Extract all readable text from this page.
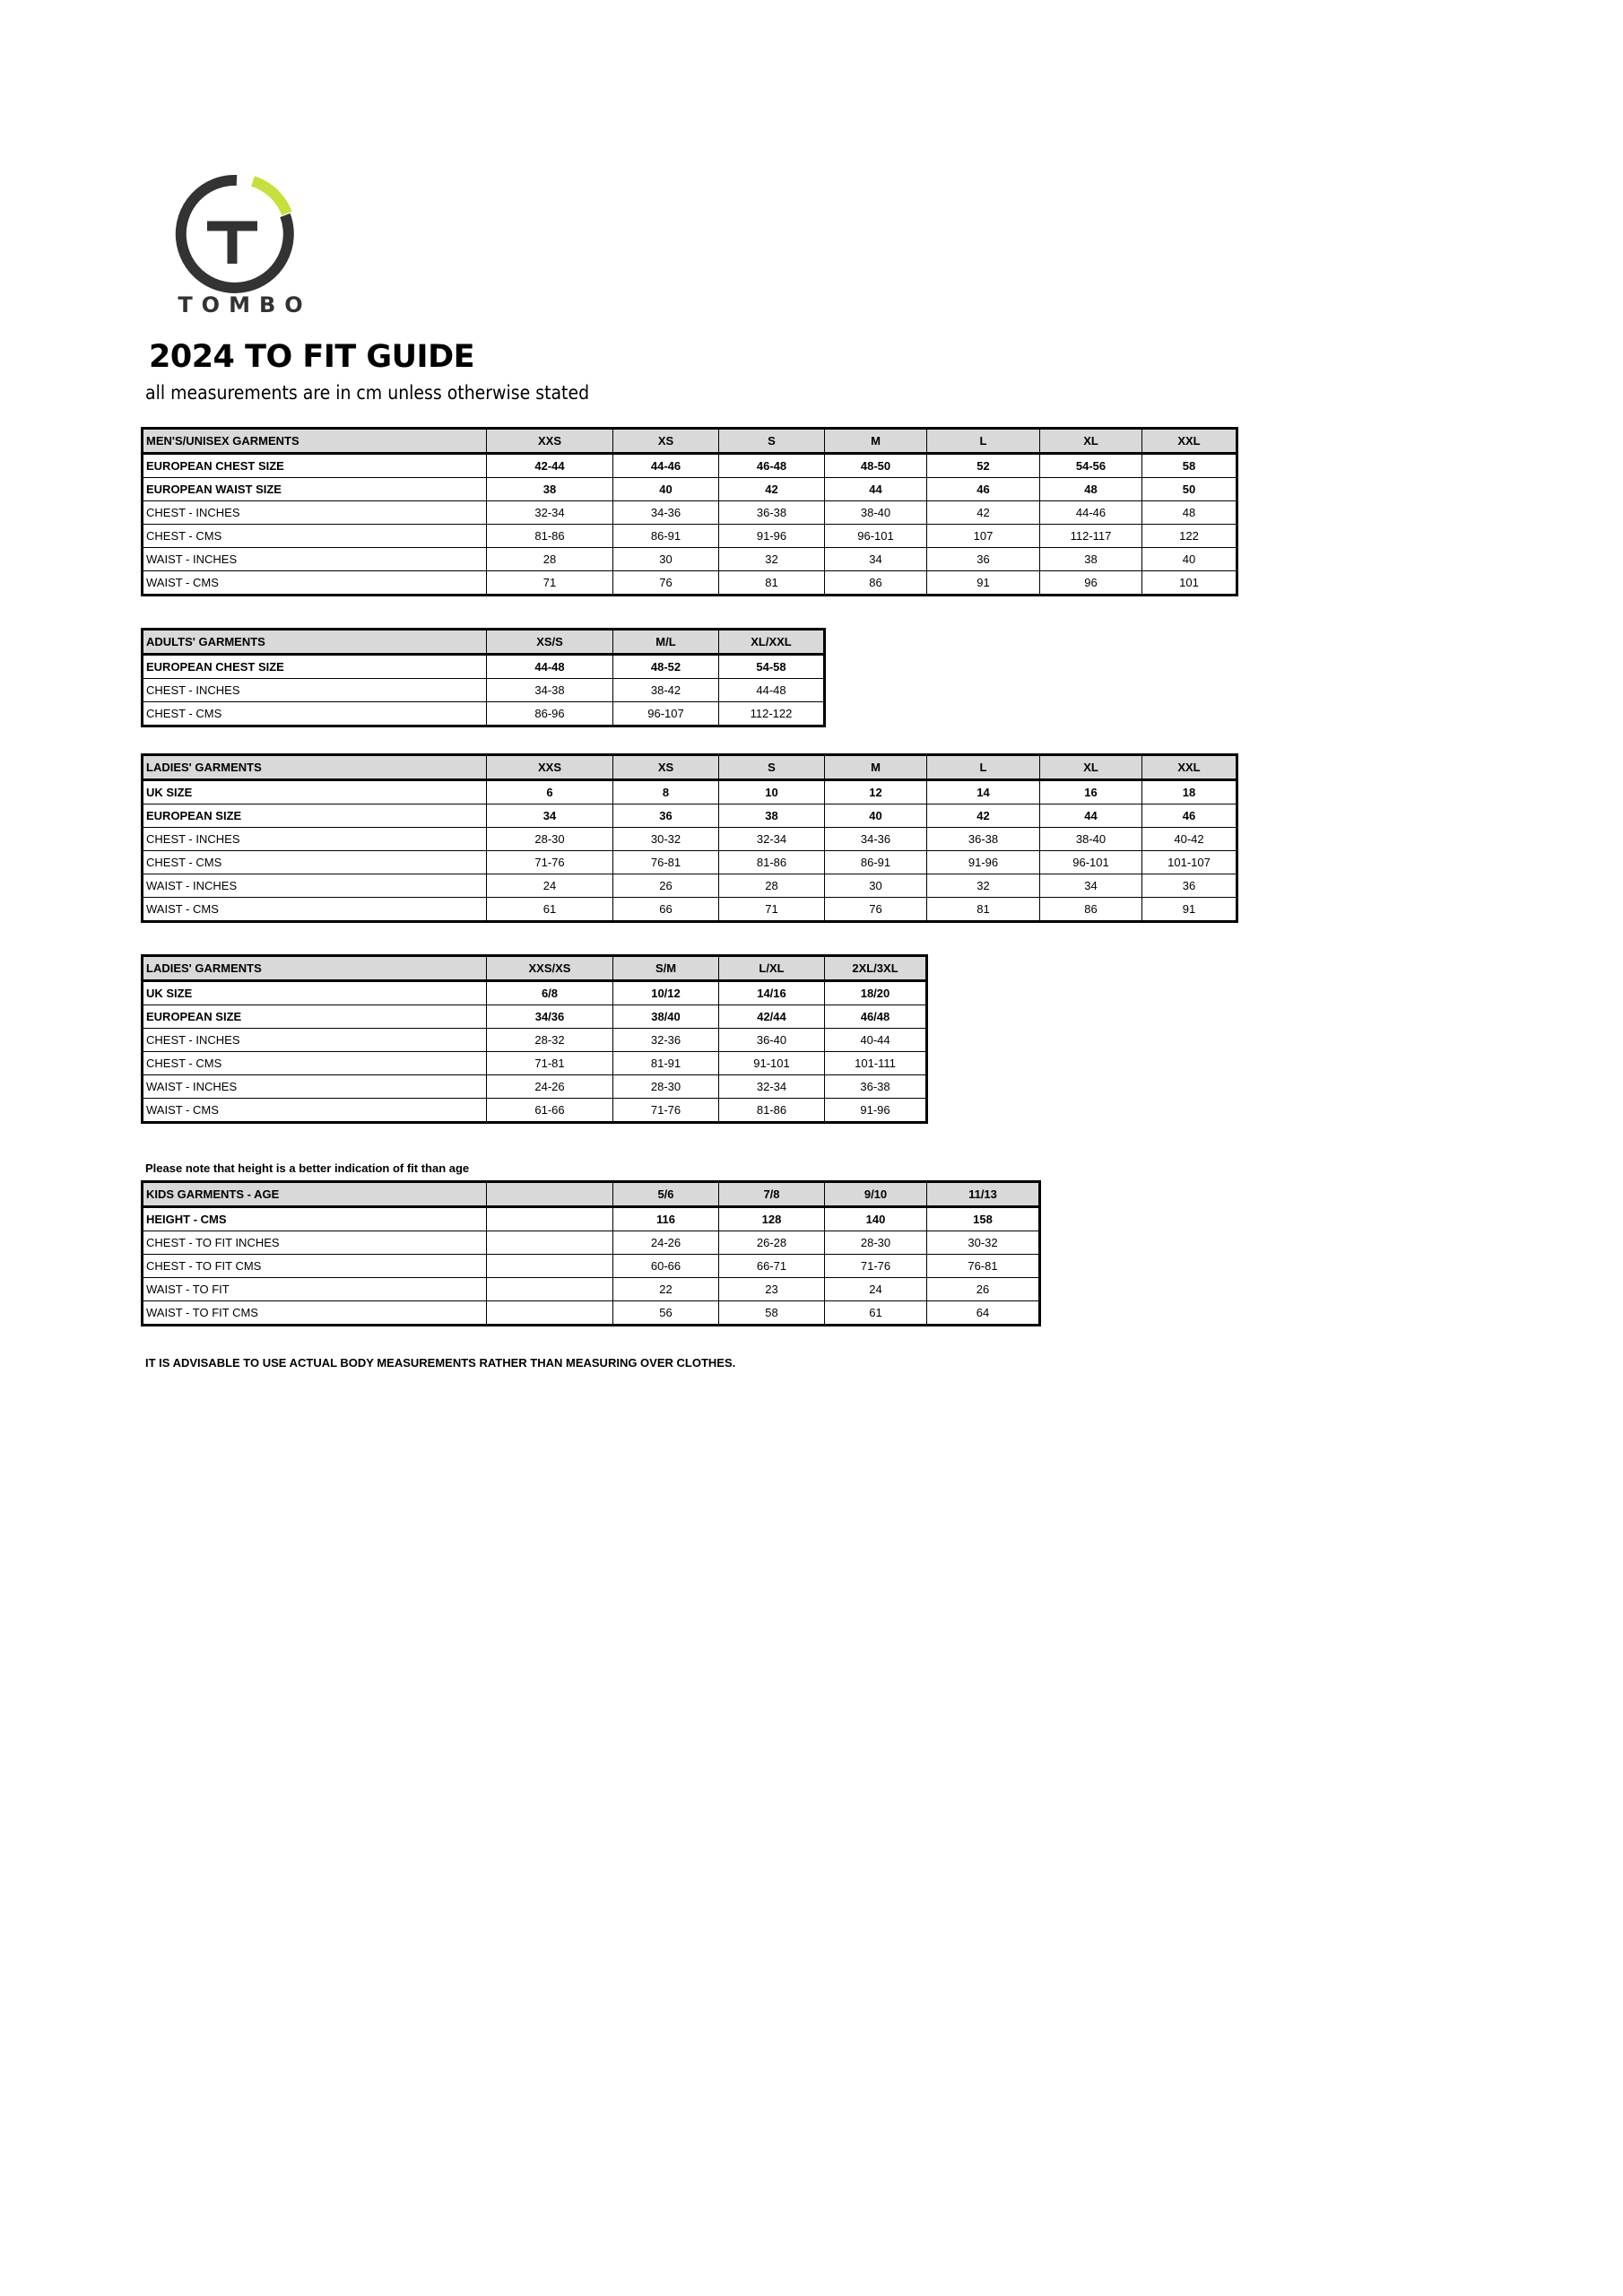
TOMBO
2024 TO FIT GUIDE

all measurements are in cm unless otherwise stated

MEN'S/UNISEX GARMENTS	XXS	XS	S	M	L	XL	XXL
EUROPEAN CHEST SIZE	42-44	44-46	46-48	48-50	52	54-56	58
EUROPEAN WAIST SIZE	38	40	42	44	46	48	50
CHEST - INCHES	32-34	34-36	36-38	38-40	42	44-46	48
CHEST - CMS	81-86	86-91	91-96	96-101	107	112-117	122
WAIST - INCHES	28	30	32	34	36	38	40
WAIST - CMS	71	76	81	86	91	96	101
ADULTS' GARMENTS	XS/S	M/L	XL/XXL
EUROPEAN CHEST SIZE	44-48	48-52	54-58
CHEST - INCHES	34-38	38-42	44-48
CHEST - CMS	86-96	96-107	112-122
LADIES' GARMENTS	XXS	XS	S	M	L	XL	XXL
UK SIZE	6	8	10	12	14	16	18
EUROPEAN SIZE	34	36	38	40	42	44	46
CHEST - INCHES	28-30	30-32	32-34	34-36	36-38	38-40	40-42
CHEST - CMS	71-76	76-81	81-86	86-91	91-96	96-101	101-107
WAIST - INCHES	24	26	28	30	32	34	36
WAIST - CMS	61	66	71	76	81	86	91
LADIES' GARMENTS	XXS/XS	S/M	L/XL	2XL/3XL
UK SIZE	6/8	10/12	14/16	18/20
EUROPEAN SIZE	34/36	38/40	42/44	46/48
CHEST - INCHES	28-32	32-36	36-40	40-44
CHEST - CMS	71-81	81-91	91-101	101-111
WAIST - INCHES	24-26	28-30	32-34	36-38
WAIST - CMS	61-66	71-76	81-86	91-96

Please note that height is a better indication of fit than age

KIDS GARMENTS - AGE		5/6	7/8	9/10	11/13
HEIGHT - CMS		116	128	140	158
CHEST - TO FIT INCHES		24-26	26-28	28-30	30-32
CHEST - TO FIT CMS		60-66	66-71	71-76	76-81
WAIST - TO FIT		22	23	24	26
WAIST - TO FIT CMS		56	58	61	64

IT IS ADVISABLE TO USE ACTUAL BODY MEASUREMENTS RATHER THAN MEASURING OVER CLOTHES.
